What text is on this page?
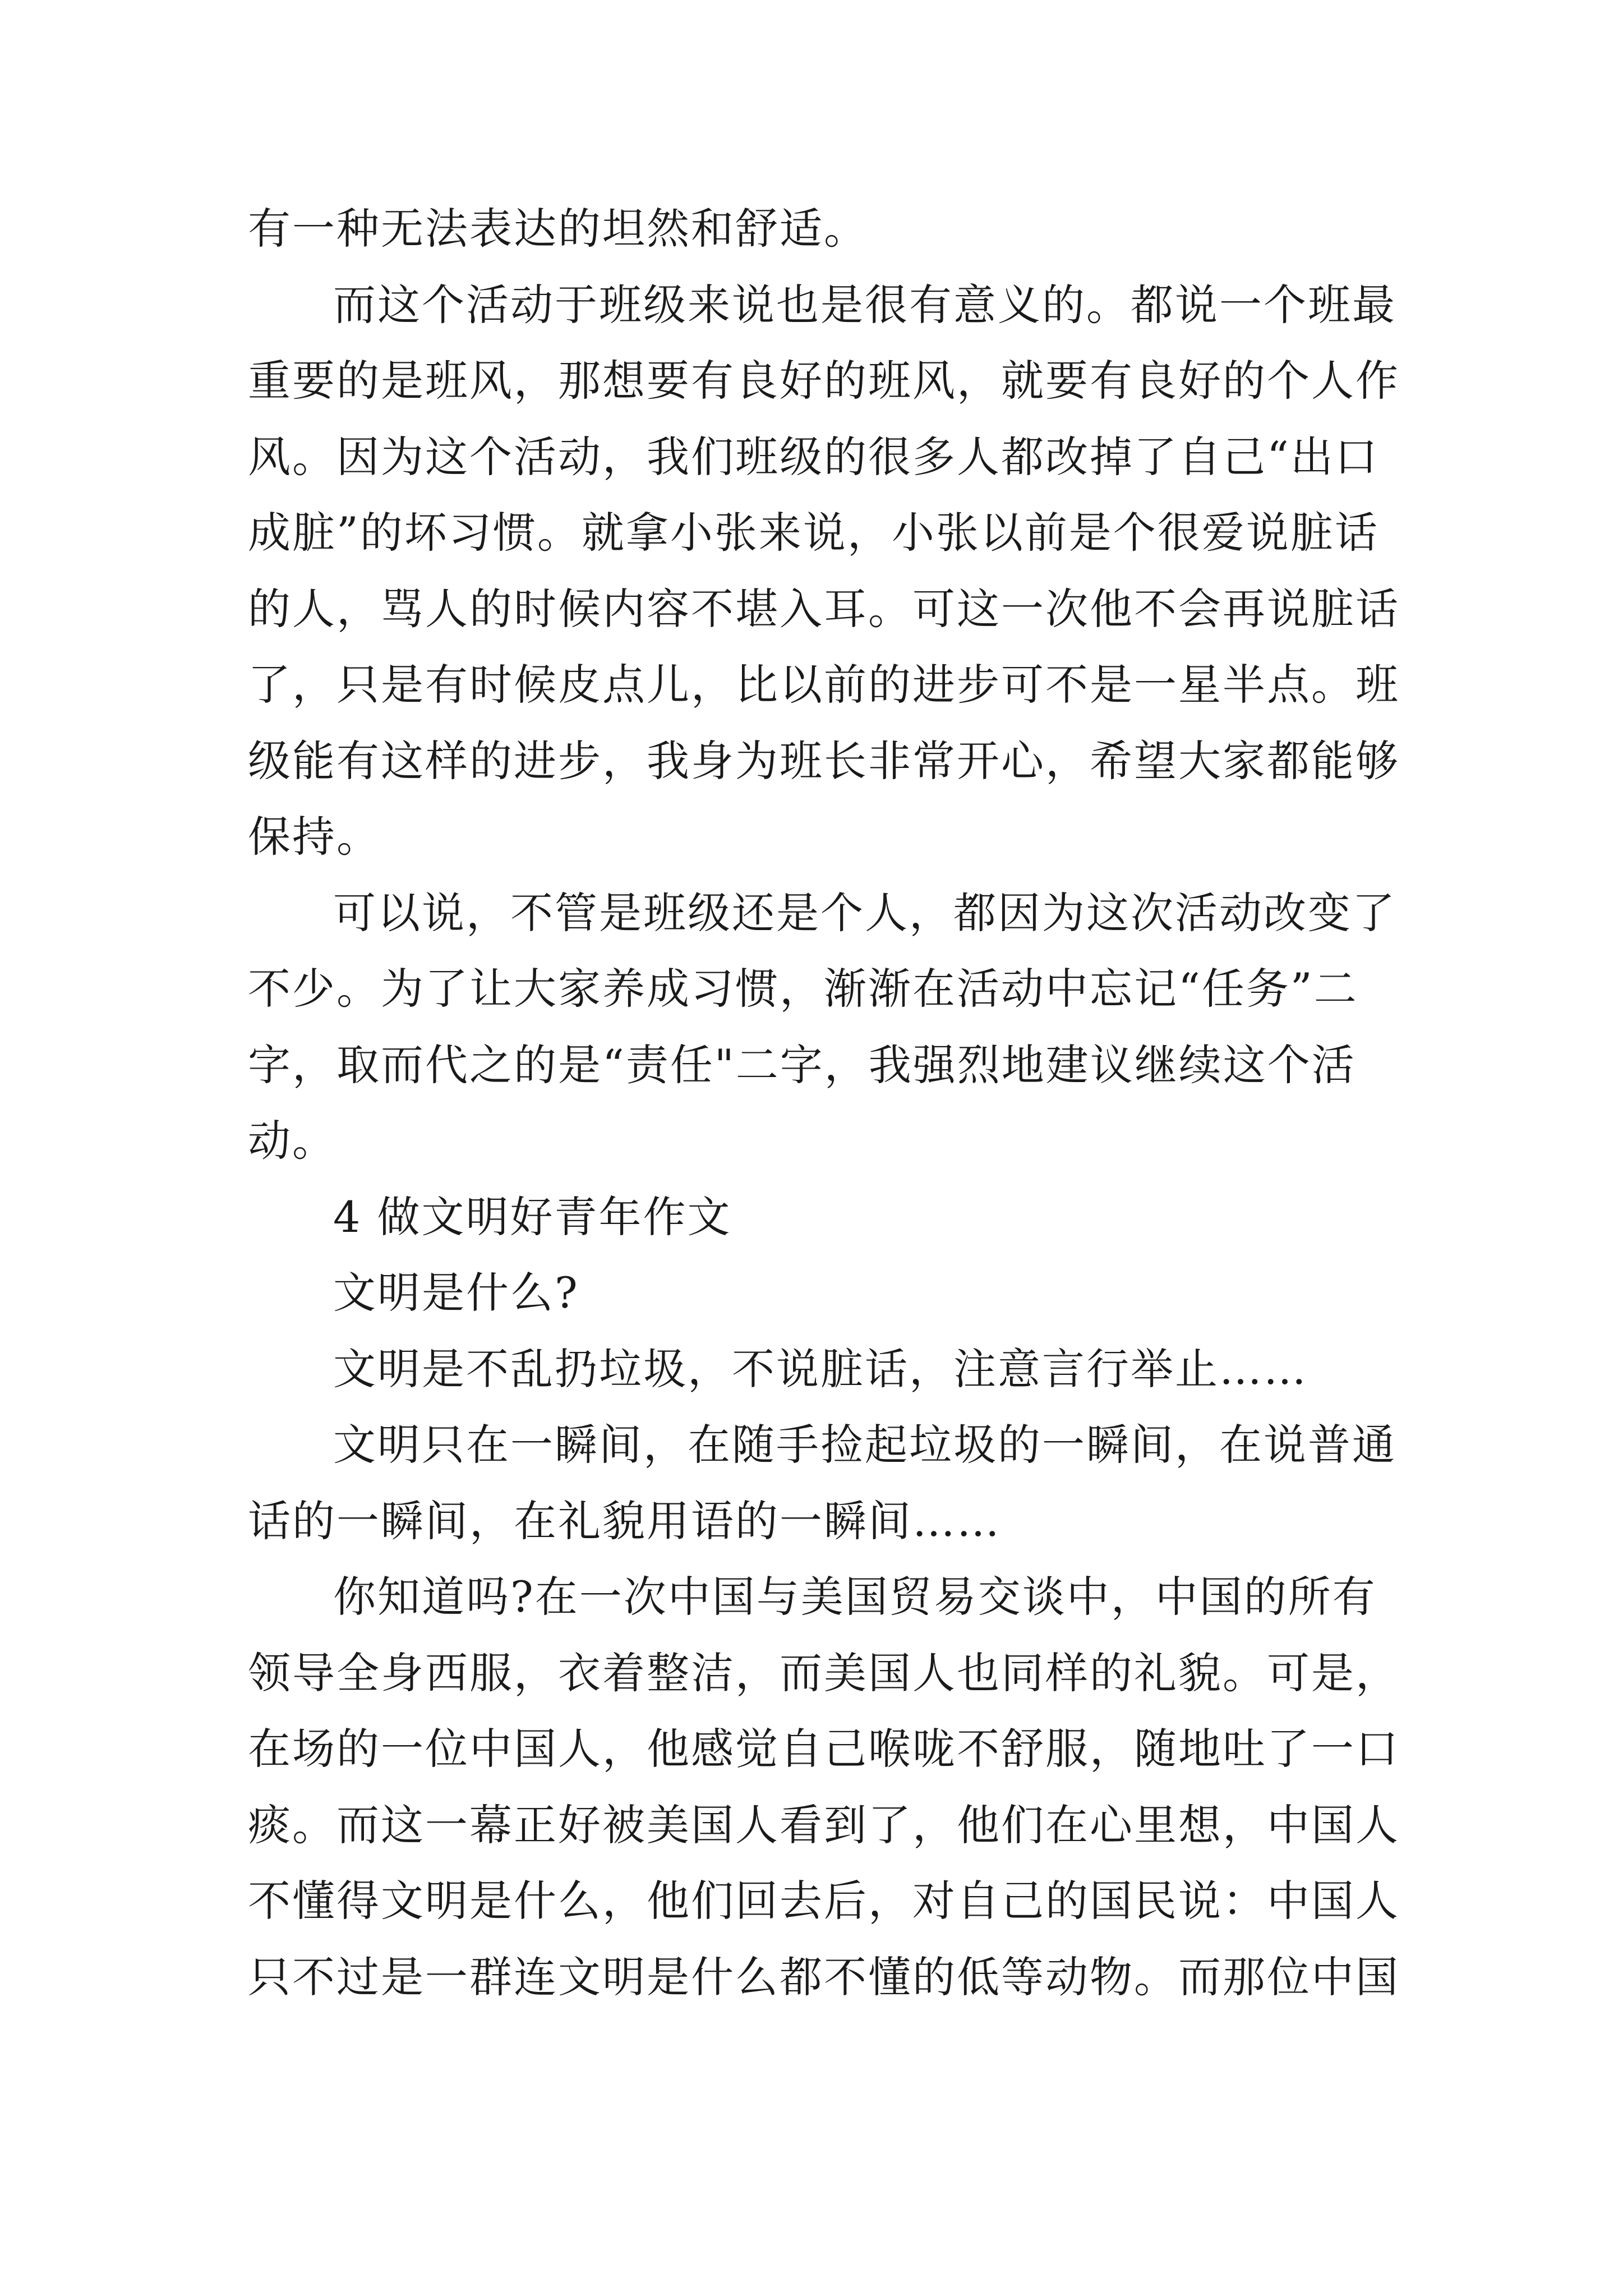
有一种无法表达的坦然和舒适。
而这个活动于班级来说也是很有意义的。都说一个班最
重要的是班风，那想要有良好的班风，就要有良好的个人作
风。因为这个活动，我们班级的很多人都改掉了自己“出口
成脏”的坏习惯。就拿小张来说，小张以前是个很爱说脏话
的人，骂人的时候内容不堪入耳。可这一次他不会再说脏话
了，只是有时候皮点儿，比以前的进步可不是一星半点。班
级能有这样的进步，我身为班长非常开心，希望大家都能够
保持。
可以说，不管是班级还是个人，都因为这次活动改变了
不少。为了让大家养成习惯，渐渐在活动中忘记“任务”二
字，取而代之的是“责任"二字，我强烈地建议继续这个活
动。
4 做文明好青年作文
文明是什么?
文明是不乱扔垃圾，不说脏话，注意言行举止……
文明只在一瞬间，在随手捡起垃圾的一瞬间，在说普通
话的一瞬间，在礼貌用语的一瞬间……
你知道吗?在一次中国与美国贸易交谈中，中国的所有
领导全身西服，衣着整洁，而美国人也同样的礼貌。可是，
在场的一位中国人，他感觉自己喉咙不舒服，随地吐了一口
痰。而这一幕正好被美国人看到了，他们在心里想，中国人
不懂得文明是什么，他们回去后，对自己的国民说：中国人
只不过是一群连文明是什么都不懂的低等动物。而那位中国
